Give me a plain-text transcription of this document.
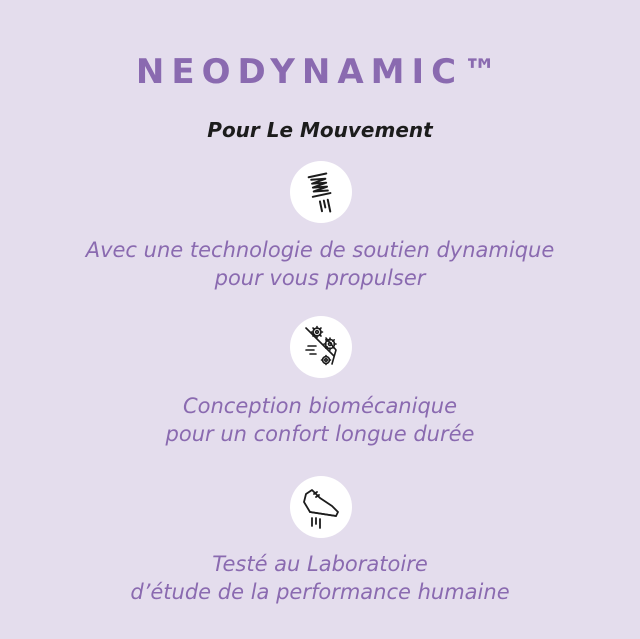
NEODYNAMIC™
Pour Le Mouvement
Avec une technologie de soutien dynamique
pour vous propulser
Conception biomécanique
pour un confort longue durée
Testé au Laboratoire
d’étude de la performance humaine
